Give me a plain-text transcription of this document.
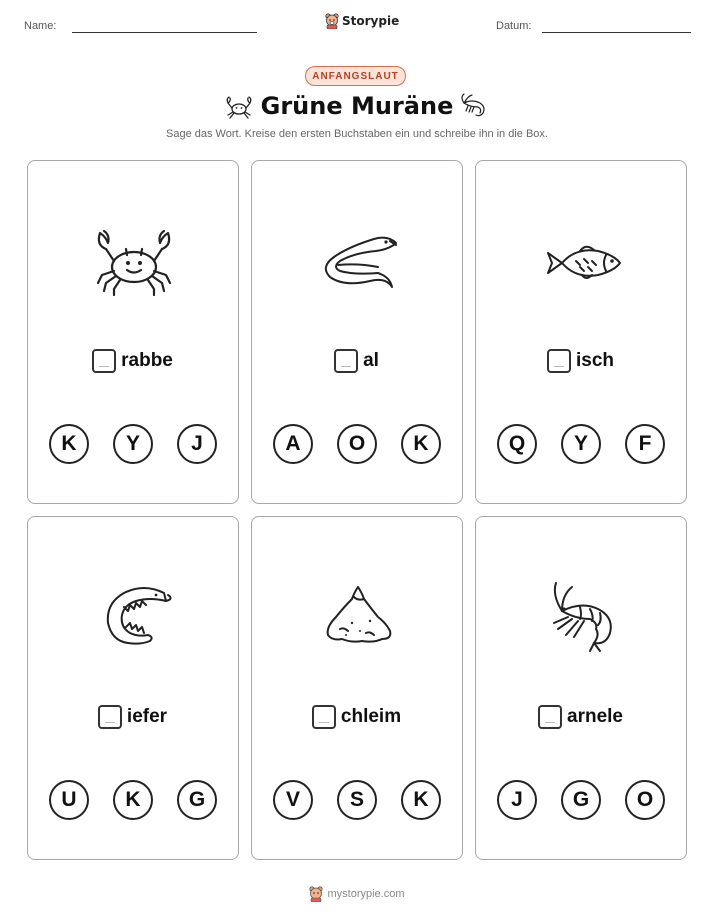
Name:	Storypie	Datum:
ANFANGSLAUT
Grüne Muräne
Sage das Wort. Kreise den ersten Buchstaben ein und schreibe ihn in die Box.
rabbe
K	Y	J
al
A	O	K
isch
Q	Y	F
iefer
U	K	G
chleim
V	S	K
arnele
J	G	O
mystorypie.com
